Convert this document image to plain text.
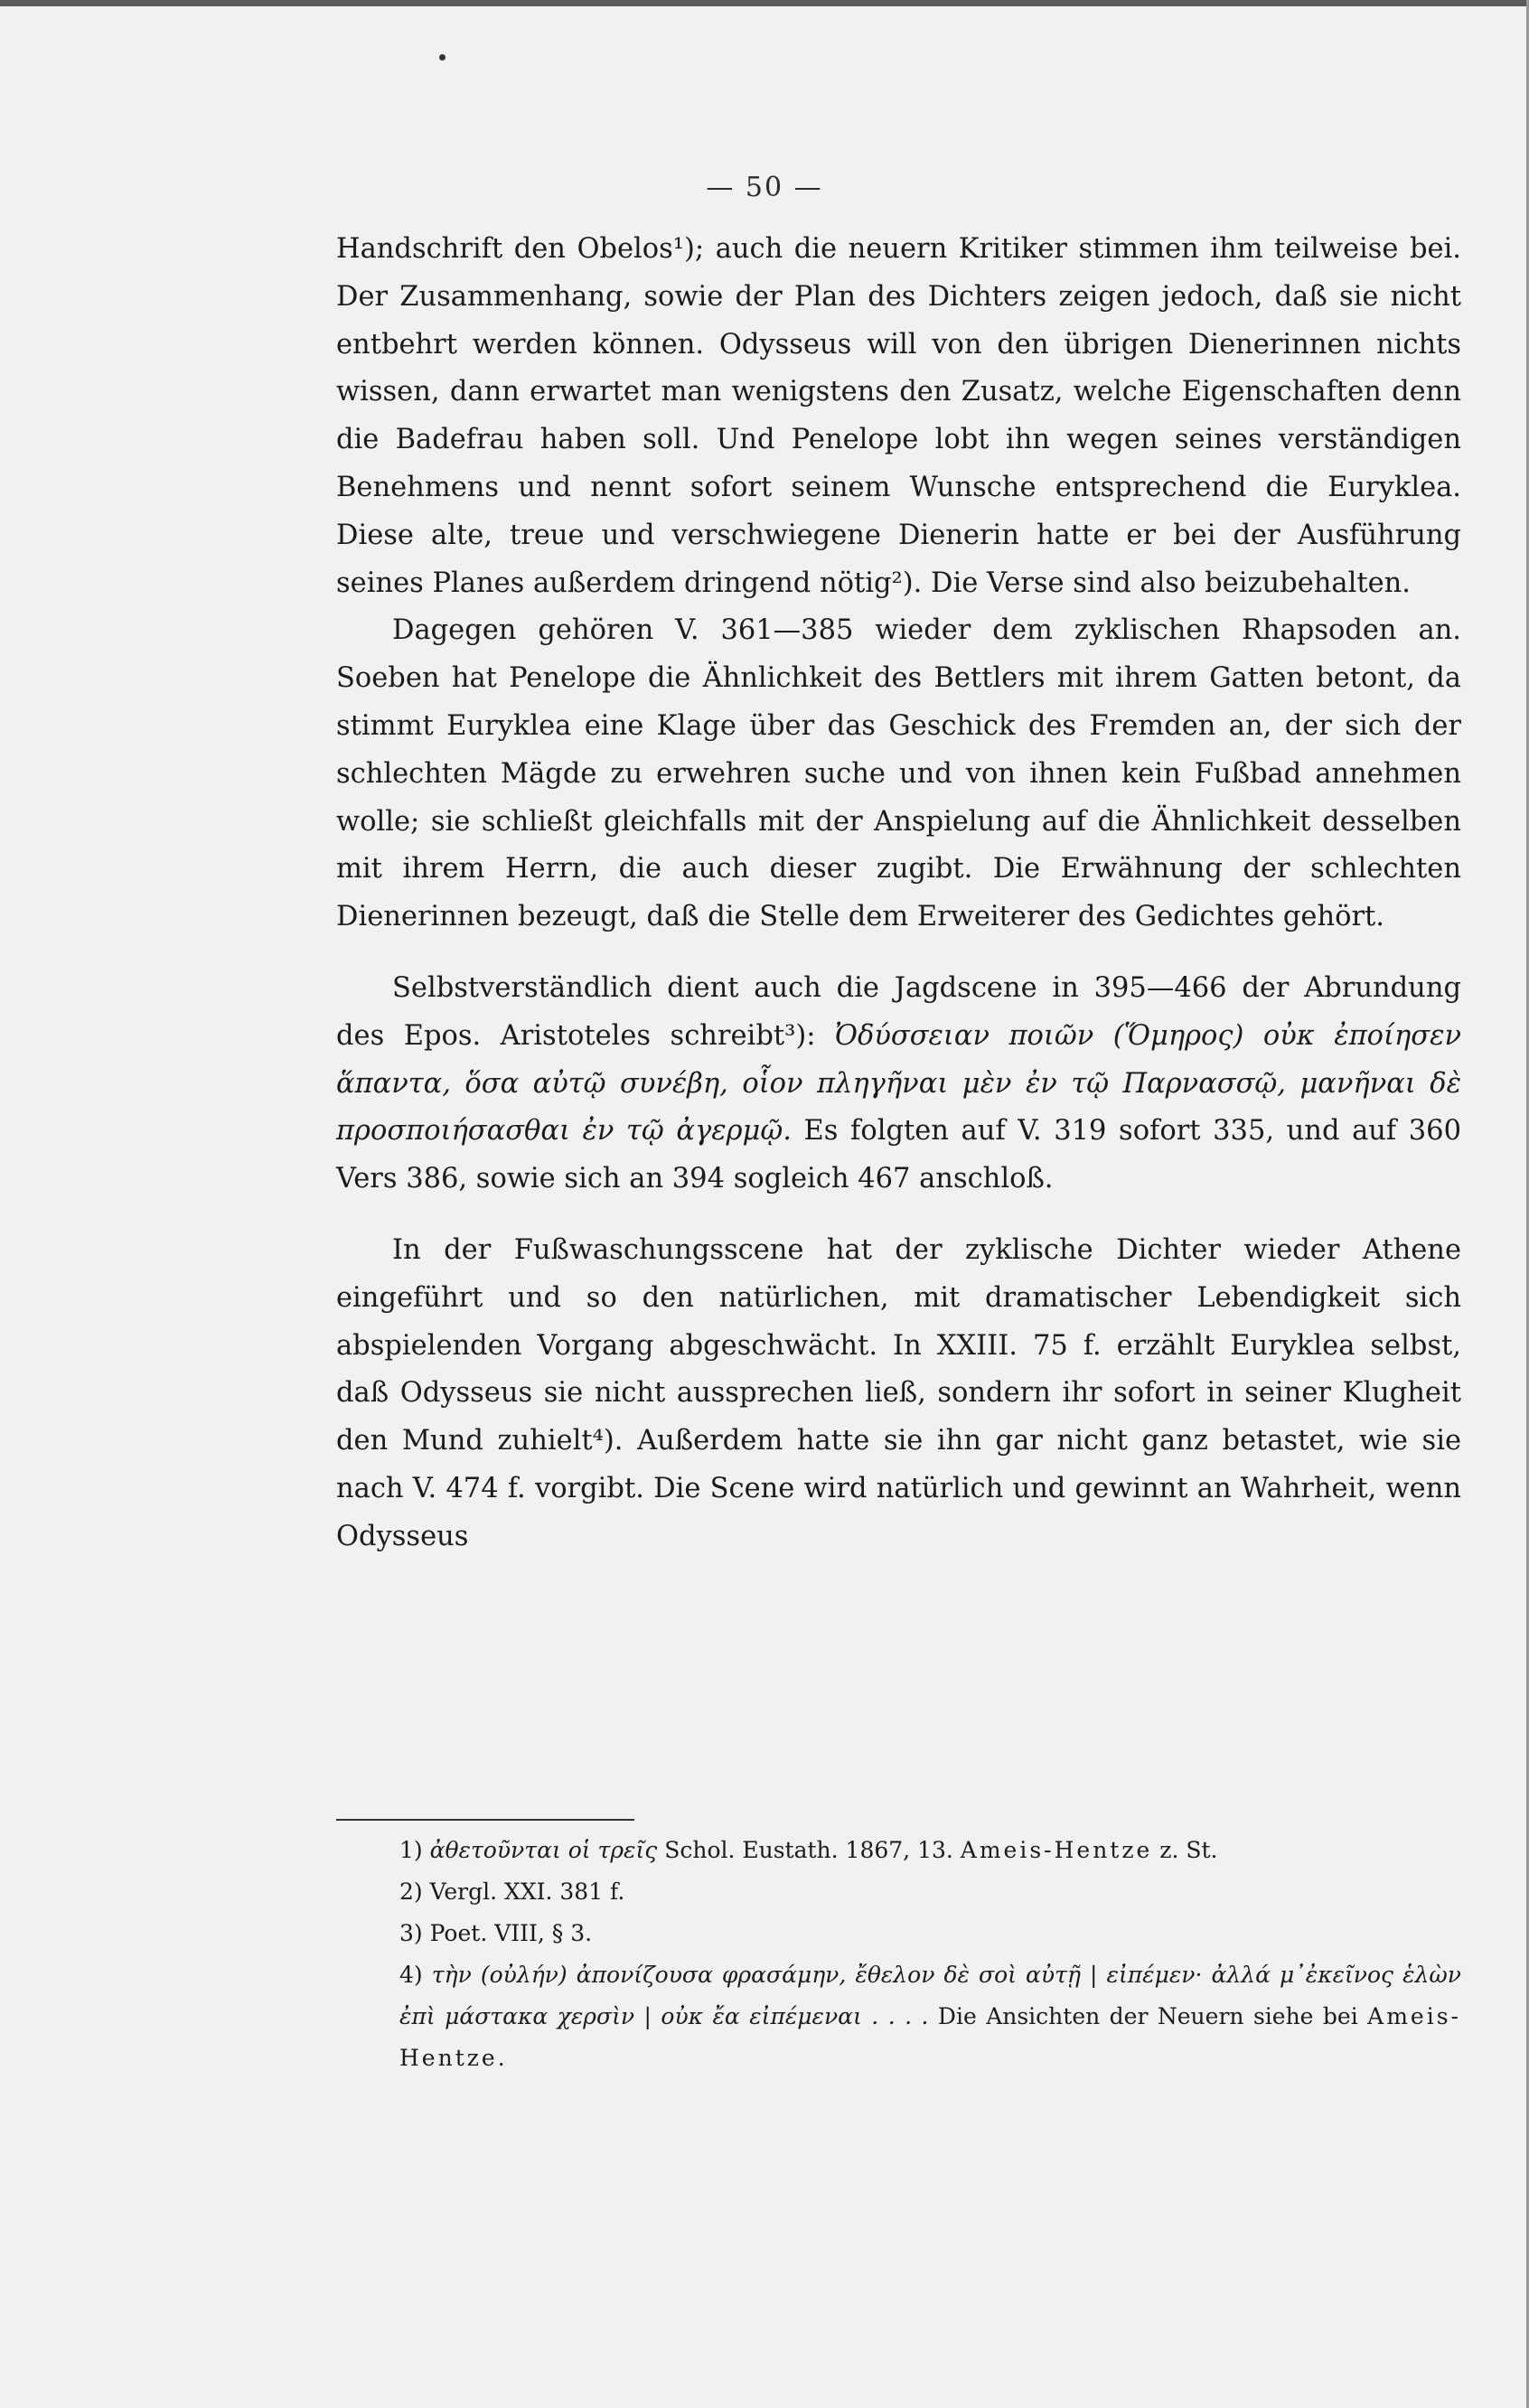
— 50 —

Handschrift den Obelos¹); auch die neuern Kritiker stimmen ihm teilweise bei. Der Zusammenhang, sowie der Plan des Dichters zeigen jedoch, daß sie nicht entbehrt werden können. Odysseus will von den übrigen Dienerinnen nichts wissen, dann erwartet man wenigstens den Zusatz, welche Eigenschaften denn die Badefrau haben soll. Und Penelope lobt ihn wegen seines verständigen Benehmens und nennt sofort seinem Wunsche entsprechend die Euryklea. Diese alte, treue und verschwiegene Dienerin hatte er bei der Ausführung seines Planes außerdem dringend nötig²). Die Verse sind also beizubehalten.

Dagegen gehören V. 361—385 wieder dem zyklischen Rhapsoden an. Soeben hat Penelope die Ähnlichkeit des Bettlers mit ihrem Gatten betont, da stimmt Euryklea eine Klage über das Geschick des Fremden an, der sich der schlechten Mägde zu erwehren suche und von ihnen kein Fußbad annehmen wolle; sie schließt gleichfalls mit der Anspielung auf die Ähnlichkeit desselben mit ihrem Herrn, die auch dieser zugibt. Die Erwähnung der schlechten Dienerinnen bezeugt, daß die Stelle dem Erweiterer des Gedichtes gehört.

Selbstverständlich dient auch die Jagdscene in 395—466 der Abrundung des Epos. Aristoteles schreibt³): Ὀδύσσειαν ποιῶν (Ὅμηρος) οὐκ ἐποίησεν ἅπαντα, ὅσα αὐτῷ συνέβη, οἷον πληγῆναι μὲν ἐν τῷ Παρνασσῷ, μανῆναι δὲ προσποιήσασθαι ἐν τῷ ἀγερμῷ. Es folgten auf V. 319 sofort 335, und auf 360 Vers 386, sowie sich an 394 sogleich 467 anschloß.

In der Fußwaschungsscene hat der zyklische Dichter wieder Athene eingeführt und so den natürlichen, mit dramatischer Lebendigkeit sich abspielenden Vorgang abgeschwächt. In XXIII. 75 f. erzählt Euryklea selbst, daß Odysseus sie nicht aussprechen ließ, sondern ihr sofort in seiner Klugheit den Mund zuhielt⁴). Außerdem hatte sie ihn gar nicht ganz betastet, wie sie nach V. 474 f. vorgibt. Die Scene wird natürlich und gewinnt an Wahrheit, wenn Odysseus

1) ἀθετοῦνται οἱ τρεῖς Schol. Eustath. 1867, 13. Ameis-Hentze z. St.

2) Vergl. XXI. 381 f.

3) Poet. VIII, § 3.

4) τὴν (οὐλήν) ἀπονίζουσα φρασάμην, ἔθελον δὲ σοὶ αὐτῇ | εἰπέμεν· ἀλλά μ᾽ἐκεῖνος ἑλὼν ἐπὶ μάστακα χερσὶν | οὐκ ἔα εἰπέμεναι . . . . Die Ansichten der Neuern siehe bei Ameis-Hentze.
